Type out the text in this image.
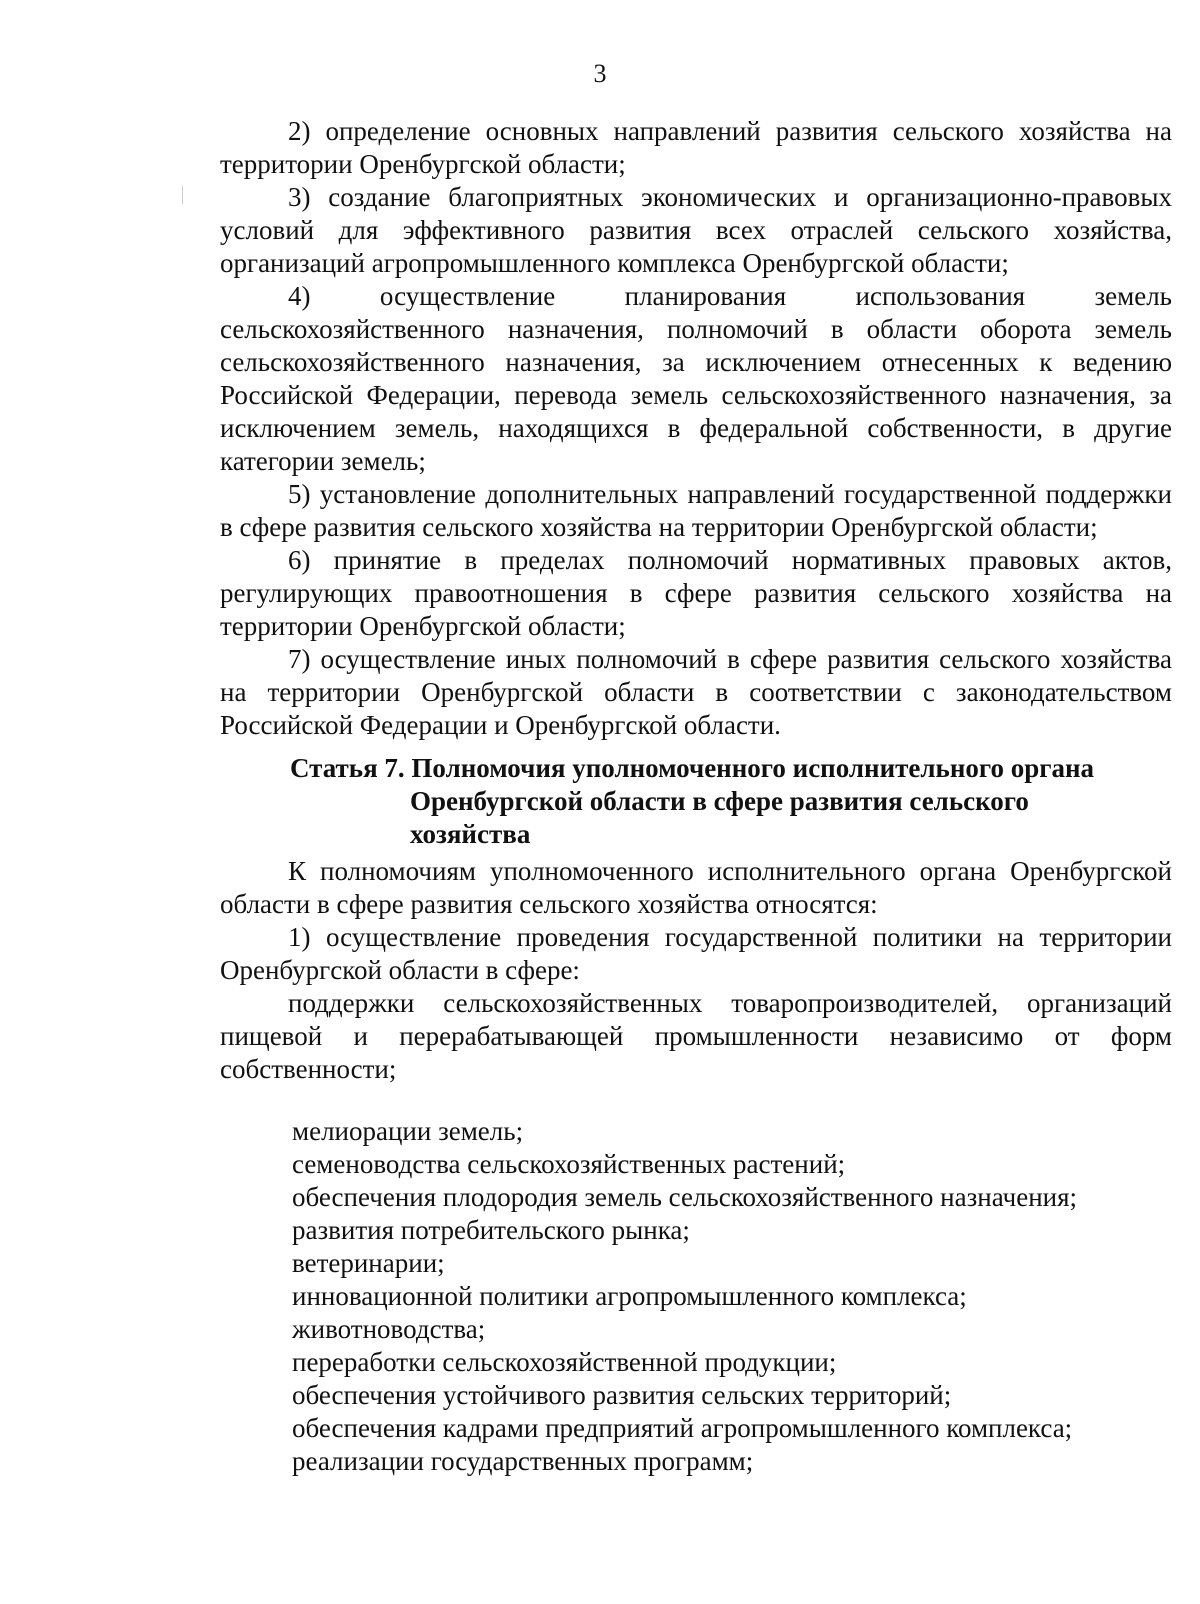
3

2) определение основных направлений развития сельского хозяйства на территории Оренбургской области;

3) создание благоприятных экономических и организационно-правовых условий для эффективного развития всех отраслей сельского хозяйства, организаций агропромышленного комплекса Оренбургской области;

4) осуществление планирования использования земель сельскохозяйственного назначения, полномочий в области оборота земель сельскохозяйственного назначения, за исключением отнесенных к ведению Российской Федерации, перевода земель сельскохозяйственного назначения, за исключением земель, находящихся в федеральной собственности, в другие категории земель;

5) установление дополнительных направлений государственной поддержки в сфере развития сельского хозяйства на территории Оренбургской области;

6) принятие в пределах полномочий нормативных правовых актов, регулирующих правоотношения в сфере развития сельского хозяйства на территории Оренбургской области;

7) осуществление иных полномочий в сфере развития сельского хозяйства на территории Оренбургской области в соответствии с законодательством Российской Федерации и Оренбургской области.

Статья 7. Полномочия уполномоченного исполнительного органа
Оренбургской области в сфере развития сельского хозяйства

К полномочиям уполномоченного исполнительного органа Оренбургской области в сфере развития сельского хозяйства относятся:

1) осуществление проведения государственной политики на территории Оренбургской области в сфере:

поддержки сельскохозяйственных товаропроизводителей, организаций пищевой и перерабатывающей промышленности независимо от форм собственности;

мелиорации земель;
семеноводства сельскохозяйственных растений;
обеспечения плодородия земель сельскохозяйственного назначения;
развития потребительского рынка;
ветеринарии;
инновационной политики агропромышленного комплекса;
животноводства;
переработки сельскохозяйственной продукции;
обеспечения устойчивого развития сельских территорий;
обеспечения кадрами предприятий агропромышленного комплекса;
реализации государственных программ;
